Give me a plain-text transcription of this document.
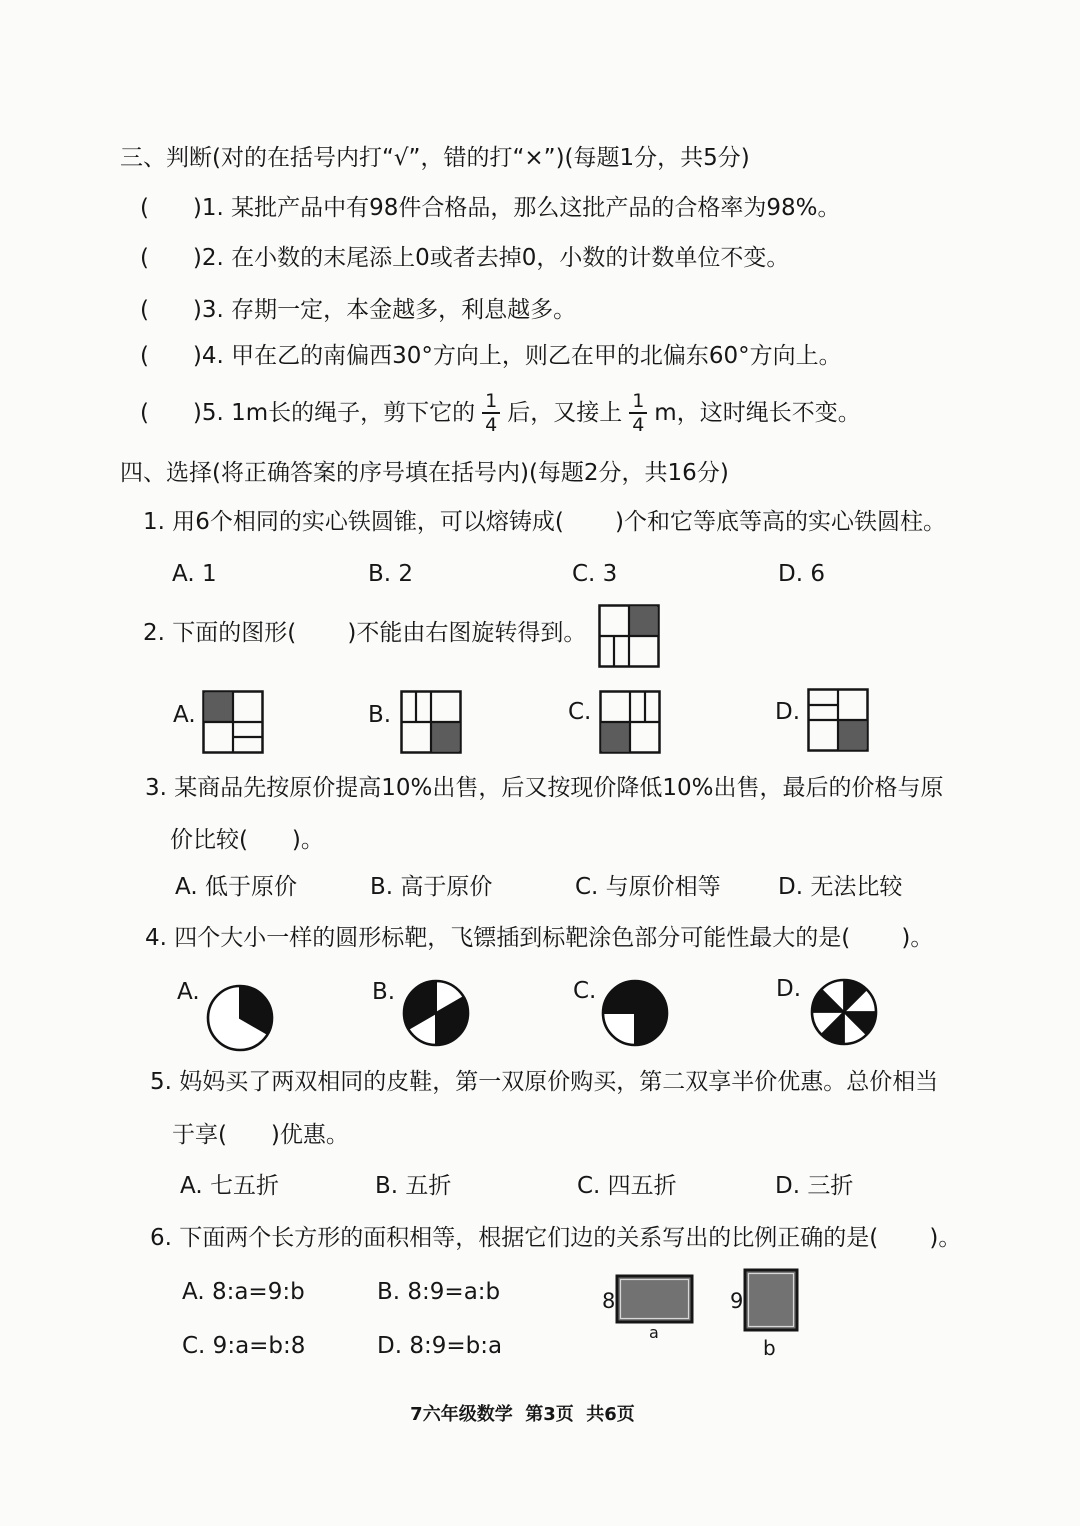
三、判断(对的在括号内打“√”，错的打“×”)(每题1分，共5分)
(      )1. 某批产品中有98件合格品，那么这批产品的合格率为98%。
(      )2. 在小数的末尾添上0或者去掉0，小数的计数单位不变。
(      )3. 存期一定，本金越多，利息越多。
(      )4. 甲在乙的南偏西30°方向上，则乙在甲的北偏东60°方向上。
(      ) 5. 1m长的绳子，剪下它的 $\frac{1}{4}$ 后，又接上 $\frac{1}{4}$ m，这时绳长不变。
四、选择(将正确答案的序号填在括号内)(每题2分，共16分)
1. 用6个相同的实心铁圆锥，可以熔铸成(       )个和它等底等高的实心铁圆柱。
A. 1	B. 2	C. 3	D. 6
2. 下面的图形(       )不能由右图旋转得到。
A.	B.	C.	D.
3. 某商品先按原价提高10%出售，后又按现价降低10%出售，最后的价格与原
价比较(      )。
A. 低于原价	B. 高于原价	C. 与原价相等 D. 无法比较
4. 四个大小一样的圆形标靶，飞镖插到标靶涂色部分可能性最大的是(       )。
A.	B.	C.	D.
5. 妈妈买了两双相同的皮鞋，第一双原价购买，第二双享半价优惠。总价相当
于享(      )优惠。
A. 七五折	B. 五折	C. 四五折	D. 三折
6. 下面两个长方形的面积相等，根据它们边的关系写出的比例正确的是(       )。
A. 8:a=9:b	B. 8:9=a:b
C. 9:a=b:8	D. 8:9=b:a
8
a
9
b
7六年级数学  第3页  共6页
